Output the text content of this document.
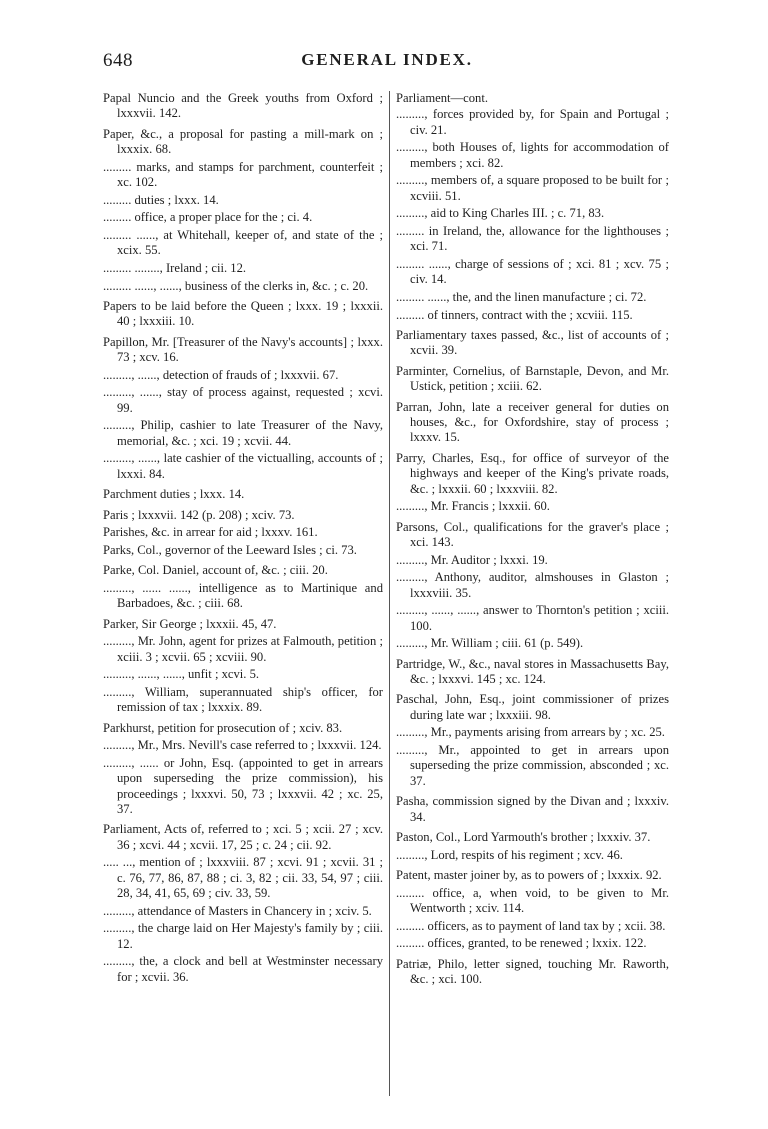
648	GENERAL INDEX.

Papal Nuncio and the Greek youths from Oxford ; lxxxvii. 142.

Paper, &c., a proposal for pasting a mill-mark on ; lxxxix. 68.

......... marks, and stamps for parchment, counterfeit ; xc. 102.

......... duties ; lxxx. 14.

......... office, a proper place for the ; ci. 4.

......... ......, at Whitehall, keeper of, and state of the ; xcix. 55.

......... ........, Ireland ; cii. 12.

......... ......, ......, business of the clerks in, &c. ; c. 20.

Papers to be laid before the Queen ; lxxx. 19 ; lxxxii. 40 ; lxxxiii. 10.

Papillon, Mr. [Treasurer of the Navy's accounts] ; lxxx. 73 ; xcv. 16.

........., ......, detection of frauds of ; lxxxvii. 67.

........., ......, stay of process against, requested ; xcvi. 99.

........., Philip, cashier to late Treasurer of the Navy, memorial, &c. ; xci. 19 ; xcvii. 44.

........., ......, late cashier of the victualling, accounts of ; lxxxi. 84.

Parchment duties ; lxxx. 14.

Paris ; lxxxvii. 142 (p. 208) ; xciv. 73.

Parishes, &c. in arrear for aid ; lxxxv. 161.

Parks, Col., governor of the Leeward Isles ; ci. 73.

Parke, Col. Daniel, account of, &c. ; ciii. 20.

........., ...... ......, intelligence as to Martinique and Barbadoes, &c. ; ciii. 68.

Parker, Sir George ; lxxxii. 45, 47.

........., Mr. John, agent for prizes at Falmouth, petition ; xciii. 3 ; xcvii. 65 ; xcviii. 90.

........., ......, ......, unfit ; xcvi. 5.

........., William, superannuated ship's officer, for remission of tax ; lxxxix. 89.

Parkhurst, petition for prosecution of ; xciv. 83.

........., Mr., Mrs. Nevill's case referred to ; lxxxvii. 124.

........., ...... or John, Esq. (appointed to get in arrears upon superseding the prize commission), his proceedings ; lxxxvi. 50, 73 ; lxxxvii. 42 ; xc. 25, 37.

Parliament, Acts of, referred to ; xci. 5 ; xcii. 27 ; xcv. 36 ; xcvi. 44 ; xcvii. 17, 25 ; c. 24 ; cii. 92.

..... ..., mention of ; lxxxviii. 87 ; xcvi. 91 ; xcvii. 31 ; c. 76, 77, 86, 87, 88 ; ci. 3, 82 ; cii. 33, 54, 97 ; ciii. 28, 34, 41, 65, 69 ; civ. 33, 59.

........., attendance of Masters in Chancery in ; xciv. 5.

........., the charge laid on Her Majesty's family by ; ciii. 12.

........., the, a clock and bell at Westminster necessary for ; xcvii. 36.

Parliament—cont.

........., forces provided by, for Spain and Portugal ; civ. 21.

........., both Houses of, lights for accommodation of members ; xci. 82.

........., members of, a square proposed to be built for ; xcviii. 51.

........., aid to King Charles III. ; c. 71, 83.

......... in Ireland, the, allowance for the lighthouses ; xci. 71.

......... ......, charge of sessions of ; xci. 81 ; xcv. 75 ; civ. 14.

......... ......, the, and the linen manufacture ; ci. 72.

......... of tinners, contract with the ; xcviii. 115.

Parliamentary taxes passed, &c., list of accounts of ; xcvii. 39.

Parminter, Cornelius, of Barnstaple, Devon, and Mr. Ustick, petition ; xciii. 62.

Parran, John, late a receiver general for duties on houses, &c., for Oxfordshire, stay of process ; lxxxv. 15.

Parry, Charles, Esq., for office of surveyor of the highways and keeper of the King's private roads, &c. ; lxxxii. 60 ; lxxxviii. 82.

........., Mr. Francis ; lxxxii. 60.

Parsons, Col., qualifications for the graver's place ; xci. 143.

........., Mr. Auditor ; lxxxi. 19.

........., Anthony, auditor, almshouses in Glaston ; lxxxviii. 35.

........., ......, ......, answer to Thornton's petition ; xciii. 100.

........., Mr. William ; ciii. 61 (p. 549).

Partridge, W., &c., naval stores in Massachusetts Bay, &c. ; lxxxvi. 145 ; xc. 124.

Paschal, John, Esq., joint commissioner of prizes during late war ; lxxxiii. 98.

........., Mr., payments arising from arrears by ; xc. 25.

........., Mr., appointed to get in arrears upon superseding the prize commission, absconded ; xc. 37.

Pasha, commission signed by the Divan and ; lxxxiv. 34.

Paston, Col., Lord Yarmouth's brother ; lxxxiv. 37.

........., Lord, respits of his regiment ; xcv. 46.

Patent, master joiner by, as to powers of ; lxxxix. 92.

......... office, a, when void, to be given to Mr. Wentworth ; xciv. 114.

......... officers, as to payment of land tax by ; xcii. 38.

......... offices, granted, to be renewed ; lxxix. 122.

Patriæ, Philo, letter signed, touching Mr. Raworth, &c. ; xci. 100.
